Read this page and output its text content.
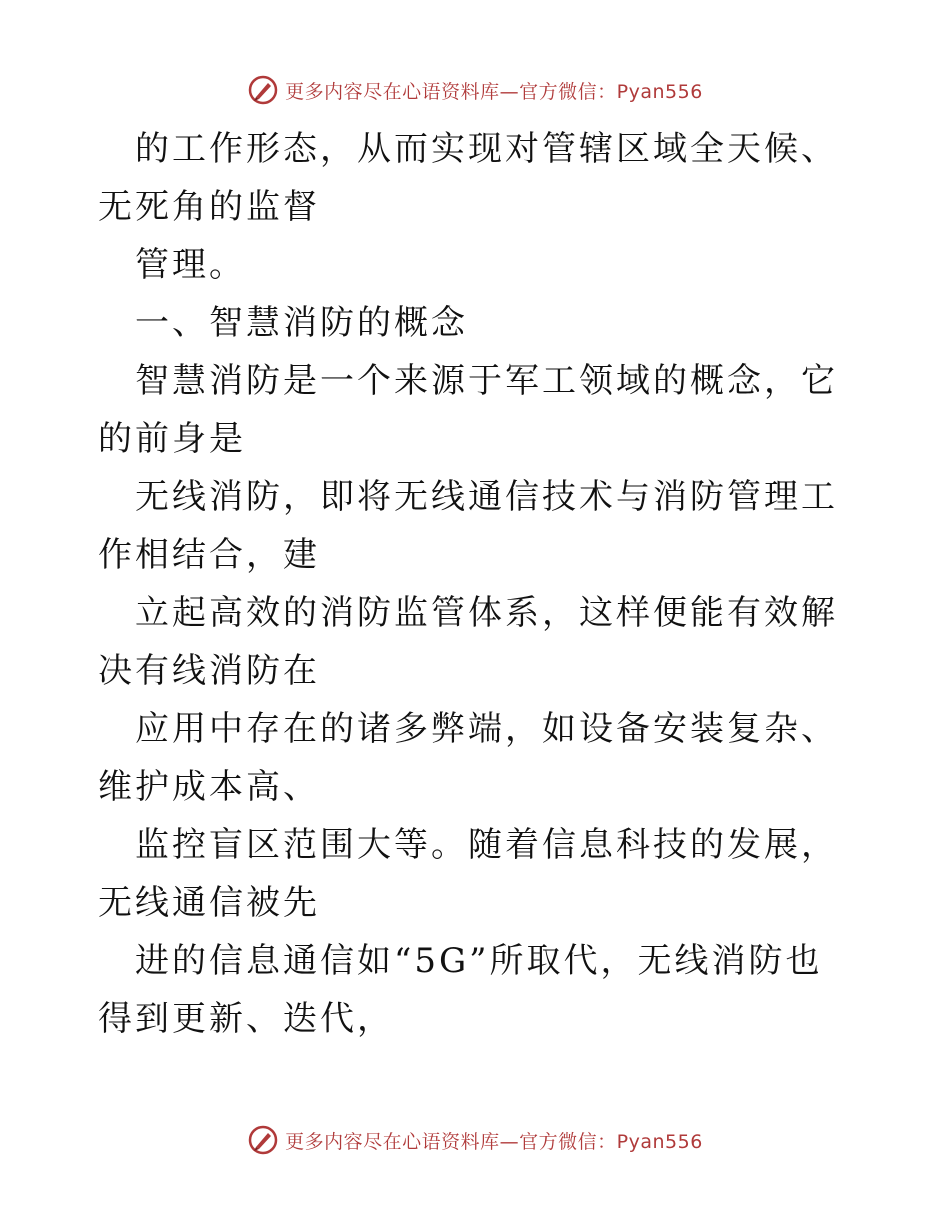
更多内容尽在心语资料库—官方微信：Pyan556

的工作形态，从而实现对管辖区域全天候、无死角的监督

管理。

一、智慧消防的概念

智慧消防是一个来源于军工领域的概念，它的前身是

无线消防，即将无线通信技术与消防管理工作相结合，建

立起高效的消防监管体系，这样便能有效解决有线消防在

应用中存在的诸多弊端，如设备安装复杂、维护成本高、

监控盲区范围大等。随着信息科技的发展，无线通信被先

进的信息通信如“5G”所取代，无线消防也得到更新、迭代，

更多内容尽在心语资料库—官方微信：Pyan556
